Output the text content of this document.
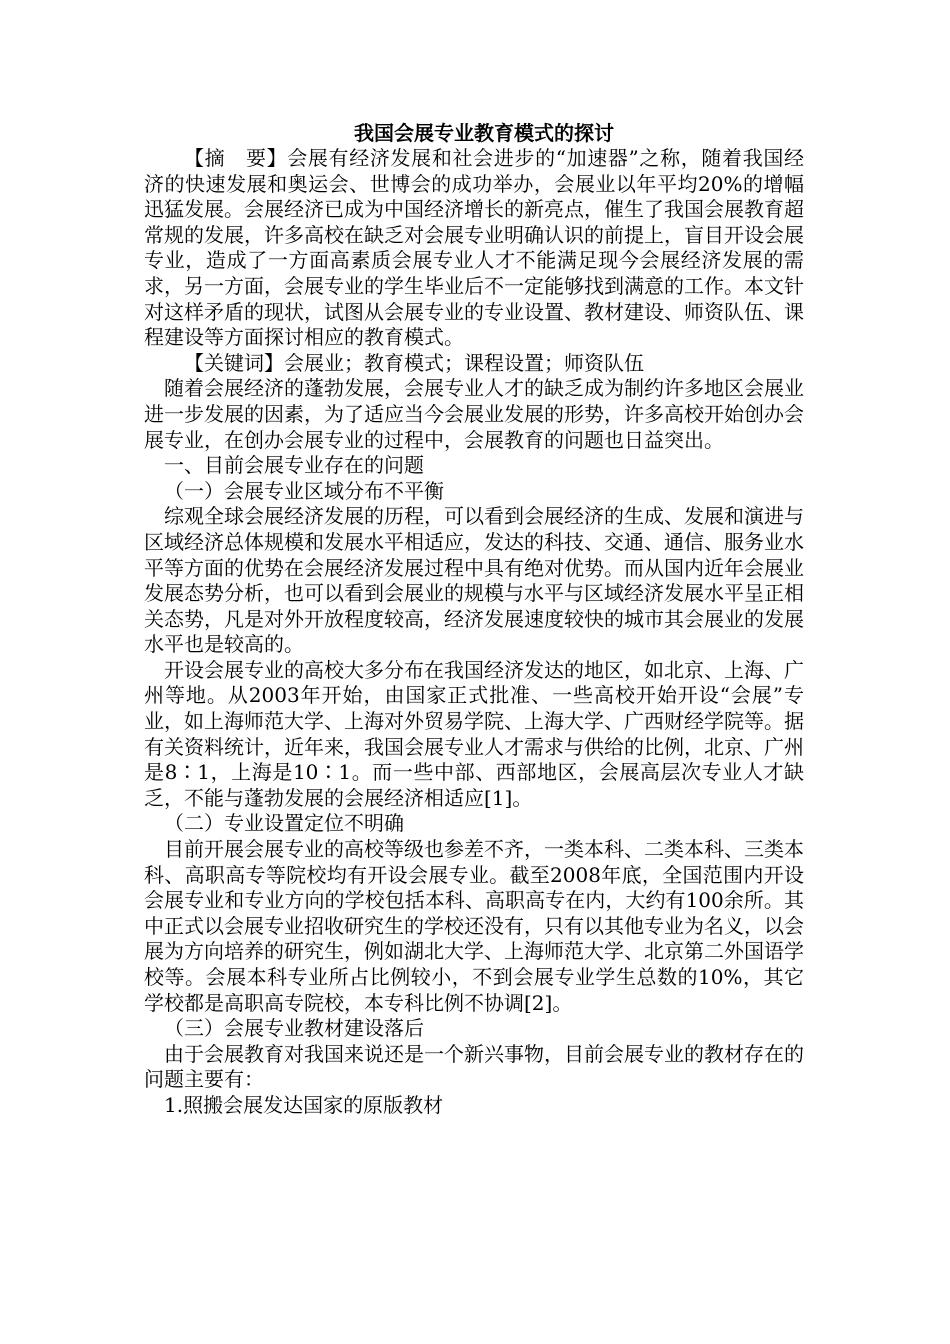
我国会展专业教育模式的探讨

【摘　要】会展有经济发展和社会进步的“加速器”之称，随着我国经济的快速发展和奥运会、世博会的成功举办，会展业以年平均20%的增幅迅猛发展。会展经济已成为中国经济增长的新亮点，催生了我国会展教育超常规的发展，许多高校在缺乏对会展专业明确认识的前提上，盲目开设会展专业，造成了一方面高素质会展专业人才不能满足现今会展经济发展的需求，另一方面，会展专业的学生毕业后不一定能够找到满意的工作。本文针对这样矛盾的现状，试图从会展专业的专业设置、教材建设、师资队伍、课程建设等方面探讨相应的教育模式。

【关键词】会展业；教育模式；课程设置；师资队伍

随着会展经济的蓬勃发展，会展专业人才的缺乏成为制约许多地区会展业进一步发展的因素，为了适应当今会展业发展的形势，许多高校开始创办会展专业，在创办会展专业的过程中，会展教育的问题也日益突出。

一、目前会展专业存在的问题

（一）会展专业区域分布不平衡

综观全球会展经济发展的历程，可以看到会展经济的生成、发展和演进与区域经济总体规模和发展水平相适应，发达的科技、交通、通信、服务业水平等方面的优势在会展经济发展过程中具有绝对优势。而从国内近年会展业发展态势分析，也可以看到会展业的规模与水平与区域经济发展水平呈正相关态势，凡是对外开放程度较高，经济发展速度较快的城市其会展业的发展水平也是较高的。

开设会展专业的高校大多分布在我国经济发达的地区，如北京、上海、广州等地。从2003年开始，由国家正式批准、一些高校开始开设“会展”专业，如上海师范大学、上海对外贸易学院、上海大学、广西财经学院等。据有关资料统计，近年来，我国会展专业人才需求与供给的比例，北京、广州是8∶1，上海是10∶1。而一些中部、西部地区，会展高层次专业人才缺乏，不能与蓬勃发展的会展经济相适应[1]。

（二）专业设置定位不明确

目前开展会展专业的高校等级也参差不齐，一类本科、二类本科、三类本科、高职高专等院校均有开设会展专业。截至2008年底，全国范围内开设会展专业和专业方向的学校包括本科、高职高专在内，大约有100余所。其中正式以会展专业招收研究生的学校还没有，只有以其他专业为名义，以会展为方向培养的研究生，例如湖北大学、上海师范大学、北京第二外国语学校等。会展本科专业所占比例较小，不到会展专业学生总数的10%，其它学校都是高职高专院校，本专科比例不协调[2]。

（三）会展专业教材建设落后

由于会展教育对我国来说还是一个新兴事物，目前会展专业的教材存在的问题主要有：

1.照搬会展发达国家的原版教材
